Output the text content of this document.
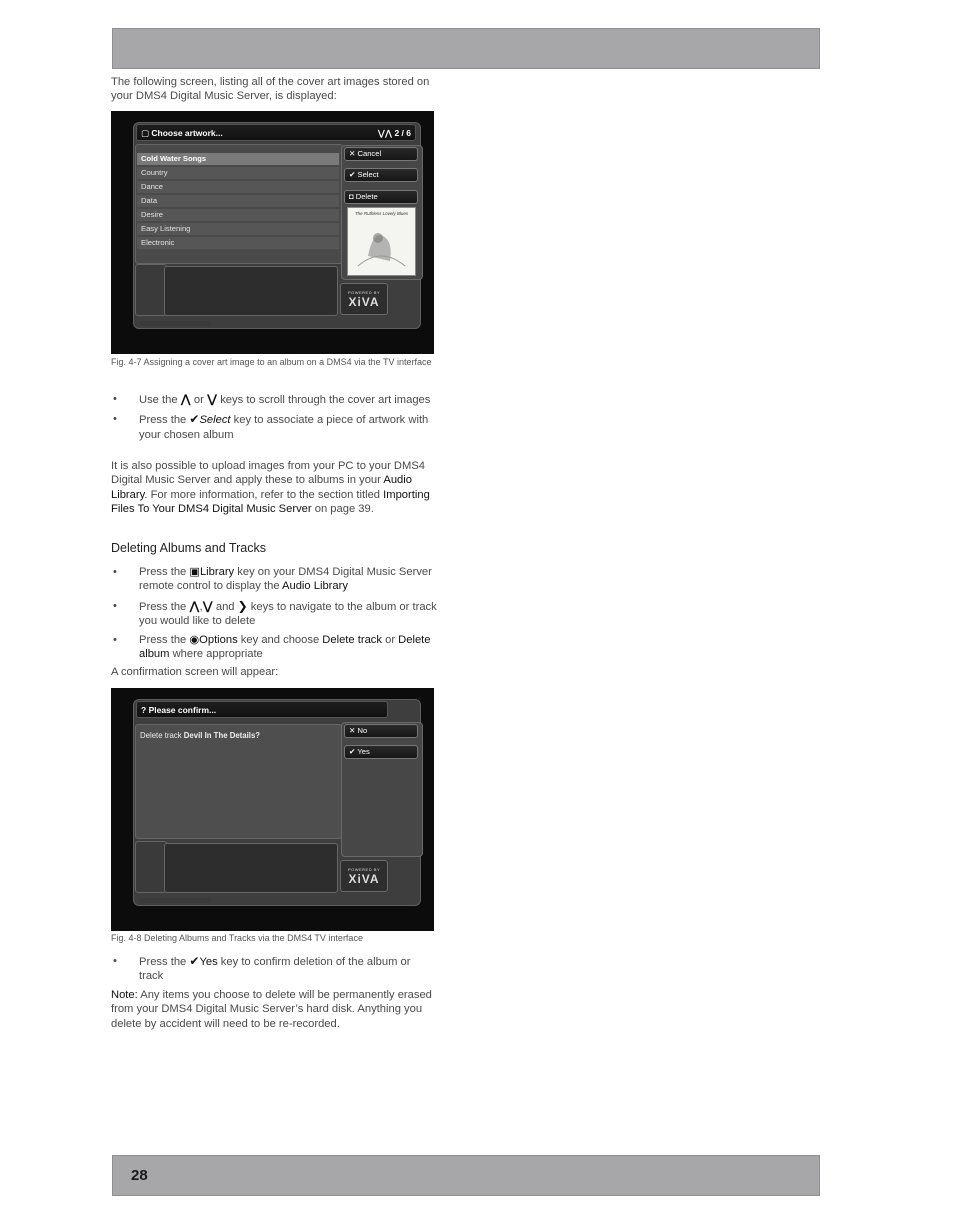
The following screen, listing all of the cover art images stored on your DMS4 Digital Music Server, is displayed:

▢ Choose artwork...	⋁⋀ 2 / 6
Cold Water Songs
Country
Dance
Data
Desire
Easy Listening
Electronic
✕ Cancel
✔ Select
◘ Delete
The Ruthless Lovely Blues
POWERED BY
XiVA

Fig. 4-7 Assigning a cover art image to an album on a DMS4 via the TV interface

• Use the ⋀ or ⋁ keys to scroll through the cover art images
• Press the ✔Select key to associate a piece of artwork with your chosen album

It is also possible to upload images from your PC to your DMS4 Digital Music Server and apply these to albums in your Audio Library. For more information, refer to the section titled Importing Files To Your DMS4 Digital Music Server on page 39.

Deleting Albums and Tracks

• Press the ▣Library key on your DMS4 Digital Music Server remote control to display the Audio Library
• Press the ⋀,⋁ and ❯ keys to navigate to the album or track you would like to delete
• Press the ◉Options key and choose Delete track or Delete album where appropriate

A confirmation screen will appear:

? Please confirm...
Delete track Devil In The Details?
✕ No
✔ Yes
POWERED BY
XiVA

Fig. 4-8 Deleting Albums and Tracks via the DMS4 TV interface

• Press the ✔Yes key to confirm deletion of the album or track

Note: Any items you choose to delete will be permanently erased from your DMS4 Digital Music Server’s hard disk. Anything you delete by accident will need to be re-recorded.

28
